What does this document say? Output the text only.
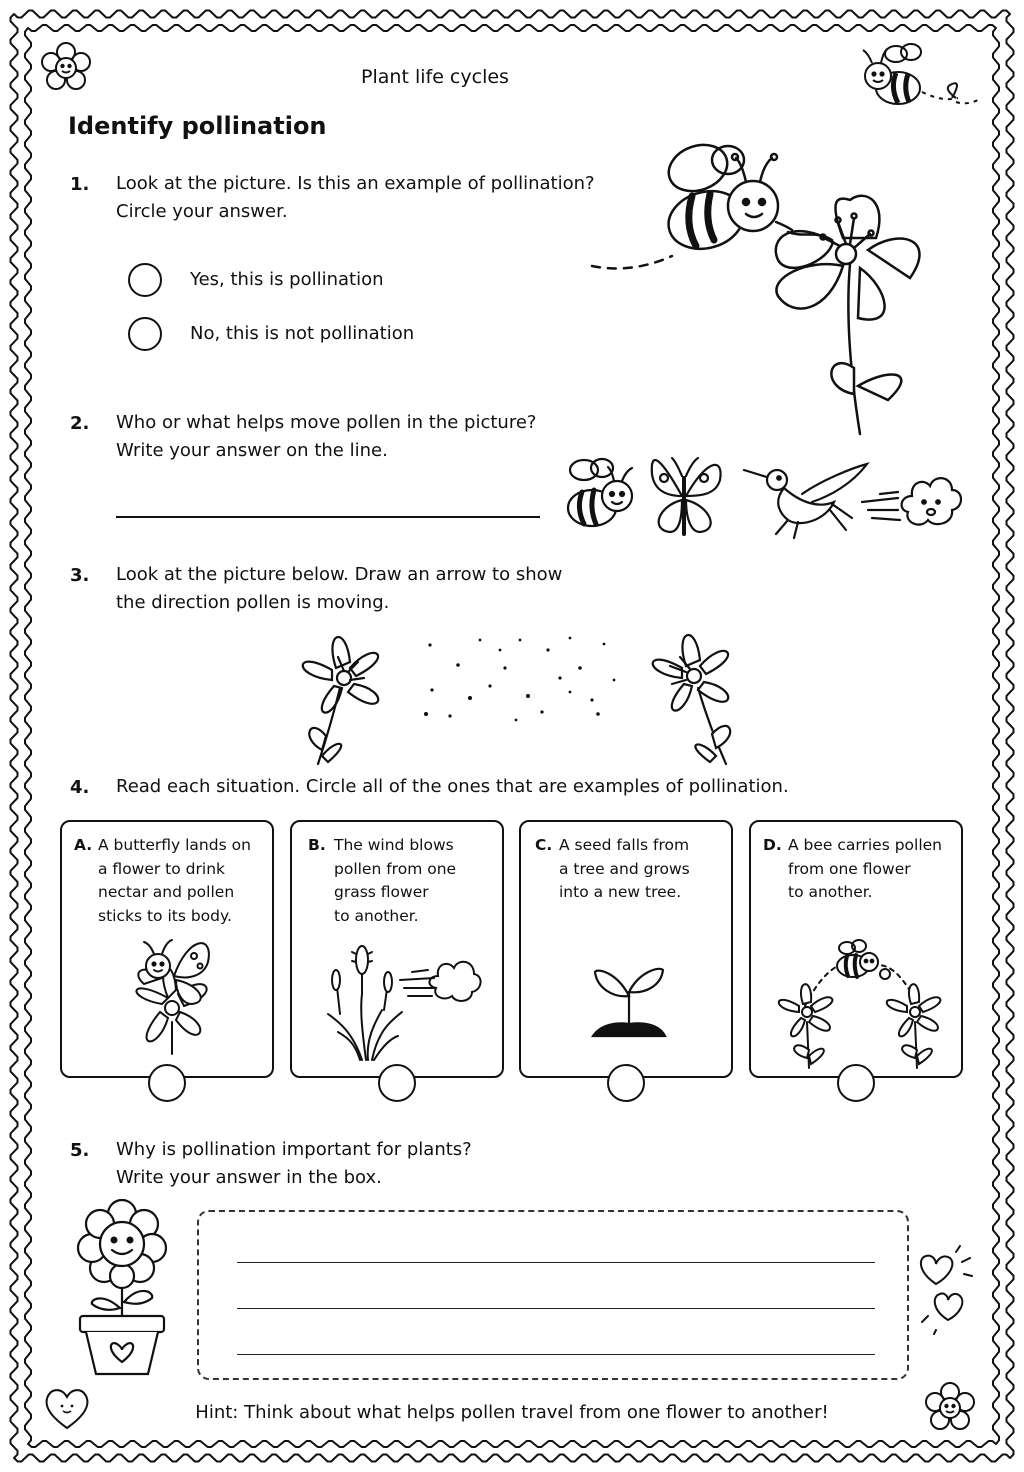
Plant life cycles
Identify pollination
1. Look at the picture. Is this an example of pollination?
Circle your answer.
Yes, this is pollination
No, this is not pollination
2. Who or what helps move pollen in the picture?
Write your answer on the line.
3. Look at the picture below. Draw an arrow to show
the direction pollen is moving.
4. Read each situation. Circle all of the ones that are examples of pollination.
A. A butterfly lands on
a flower to drink
nectar and pollen
sticks to its body.
B. The wind blows
pollen from one
grass flower
to another.
C. A seed falls from
a tree and grows
into a new tree.
D. A bee carries pollen
from one flower
to another.
5. Why is pollination important for plants?
Write your answer in the box.
Hint: Think about what helps pollen travel from one flower to another!
